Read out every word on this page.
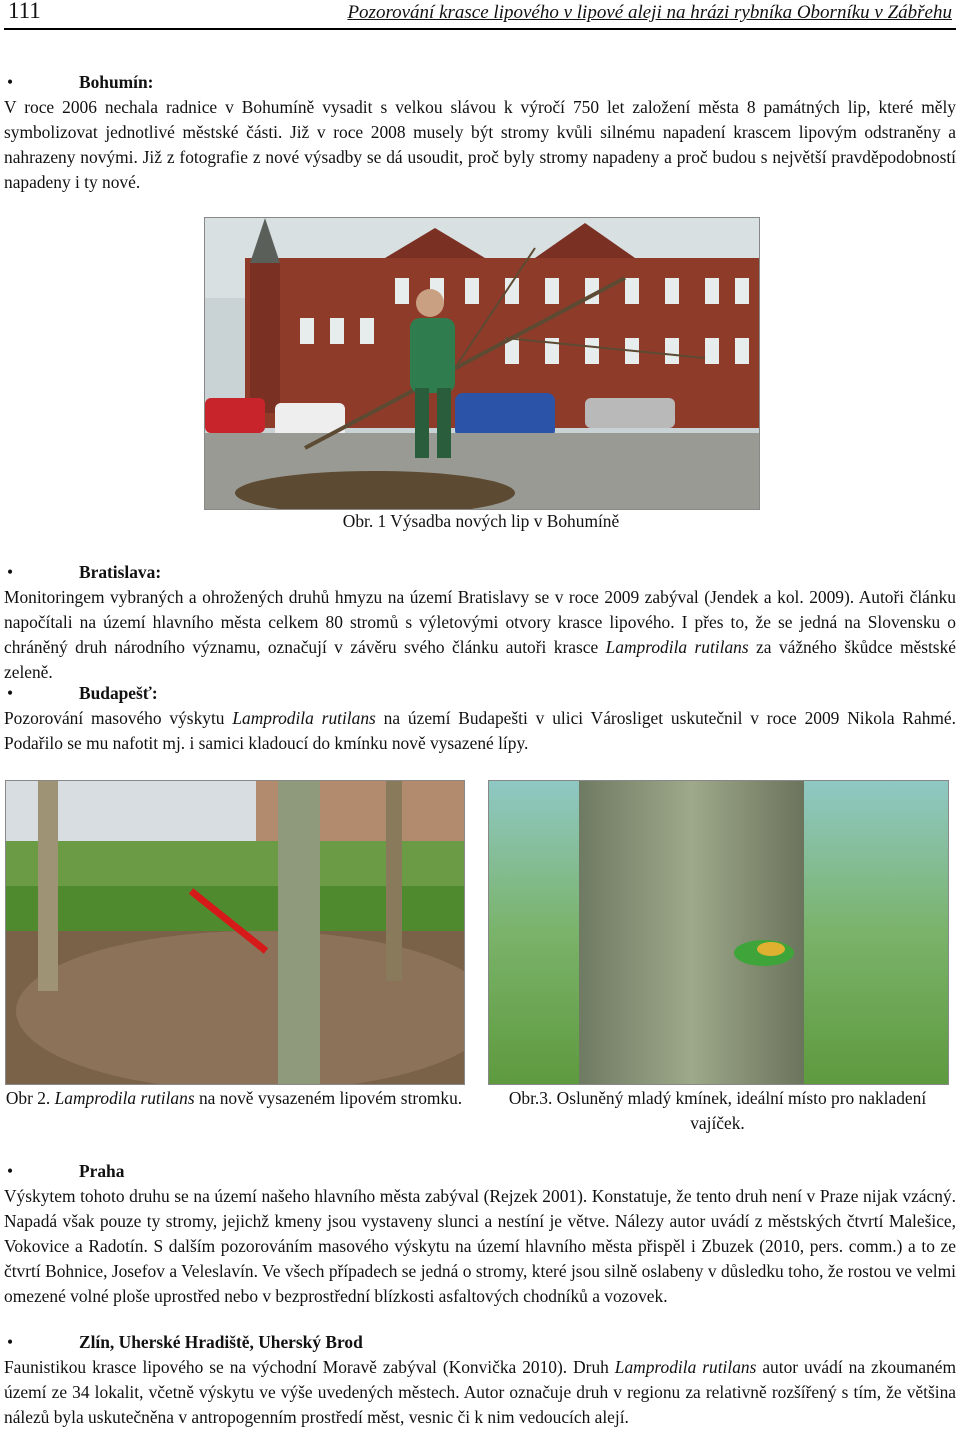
111	Pozorování krasce lipového v lipové aleji na hrázi rybníka Oborníku v Zábřehu
•	Bohumín:
V roce 2006 nechala radnice v Bohumíně vysadit s velkou slávou k výročí 750 let založení města 8 památných lip, které měly symbolizovat jednotlivé městské části. Již v roce 2008 musely být stromy kvůli silnému napadení krascem lipovým odstraněny a nahrazeny novými. Již z fotografie z nové výsadby se dá usoudit, proč byly stromy napadeny a proč budou s největší pravděpodobností napadeny i ty nové.
Obr. 1 Výsadba nových lip v Bohumíně
•	Bratislava:
Monitoringem vybraných a ohrožených druhů hmyzu na území Bratislavy se v roce 2009 zabýval (Jendek a kol. 2009). Autoři článku napočítali na území hlavního města celkem 80 stromů s výletovými otvory krasce lipového. I přes to, že se jedná na Slovensku o chráněný druh národního významu, označují v závěru svého článku autoři krasce Lamprodila rutilans za vážného škůdce městské zeleně.
•	Budapešť:
Pozorování masového výskytu Lamprodila rutilans na území Budapešti v ulici Városliget uskutečnil v roce 2009 Nikola Rahmé. Podařilo se mu nafotit mj. i samici kladoucí do kmínku nově vysazené lípy.
Obr 2. Lamprodila rutilans na nově vysazeném lipovém stromku.	Obr.3. Osluněný mladý kmínek, ideální místo pro nakladení vajíček.
•	Praha
Výskytem tohoto druhu se na území našeho hlavního města zabýval (Rejzek 2001). Konstatuje, že tento druh není v Praze nijak vzácný. Napadá však pouze ty stromy, jejichž kmeny jsou vystaveny slunci a nestíní je větve. Nálezy autor uvádí z městských čtvrtí Malešice, Vokovice a Radotín. S dalším pozorováním masového výskytu na území hlavního města přispěl i Zbuzek (2010, pers. comm.) a to ze čtvrtí Bohnice, Josefov a Veleslavín. Ve všech případech se jedná o stromy, které jsou silně oslabeny v důsledku toho, že rostou ve velmi omezené volné ploše uprostřed nebo v bezprostřední blízkosti asfaltových chodníků a vozovek.
•	Zlín, Uherské Hradiště, Uherský Brod
Faunistikou krasce lipového se na východní Moravě zabýval (Konvička 2010). Druh Lamprodila rutilans autor uvádí na zkoumaném území ze 34 lokalit, včetně výskytu ve výše uvedených městech. Autor označuje druh v regionu za relativně rozšířený s tím, že většina nálezů byla uskutečněna v antropogenním prostředí měst, vesnic či k nim vedoucích alejí.
